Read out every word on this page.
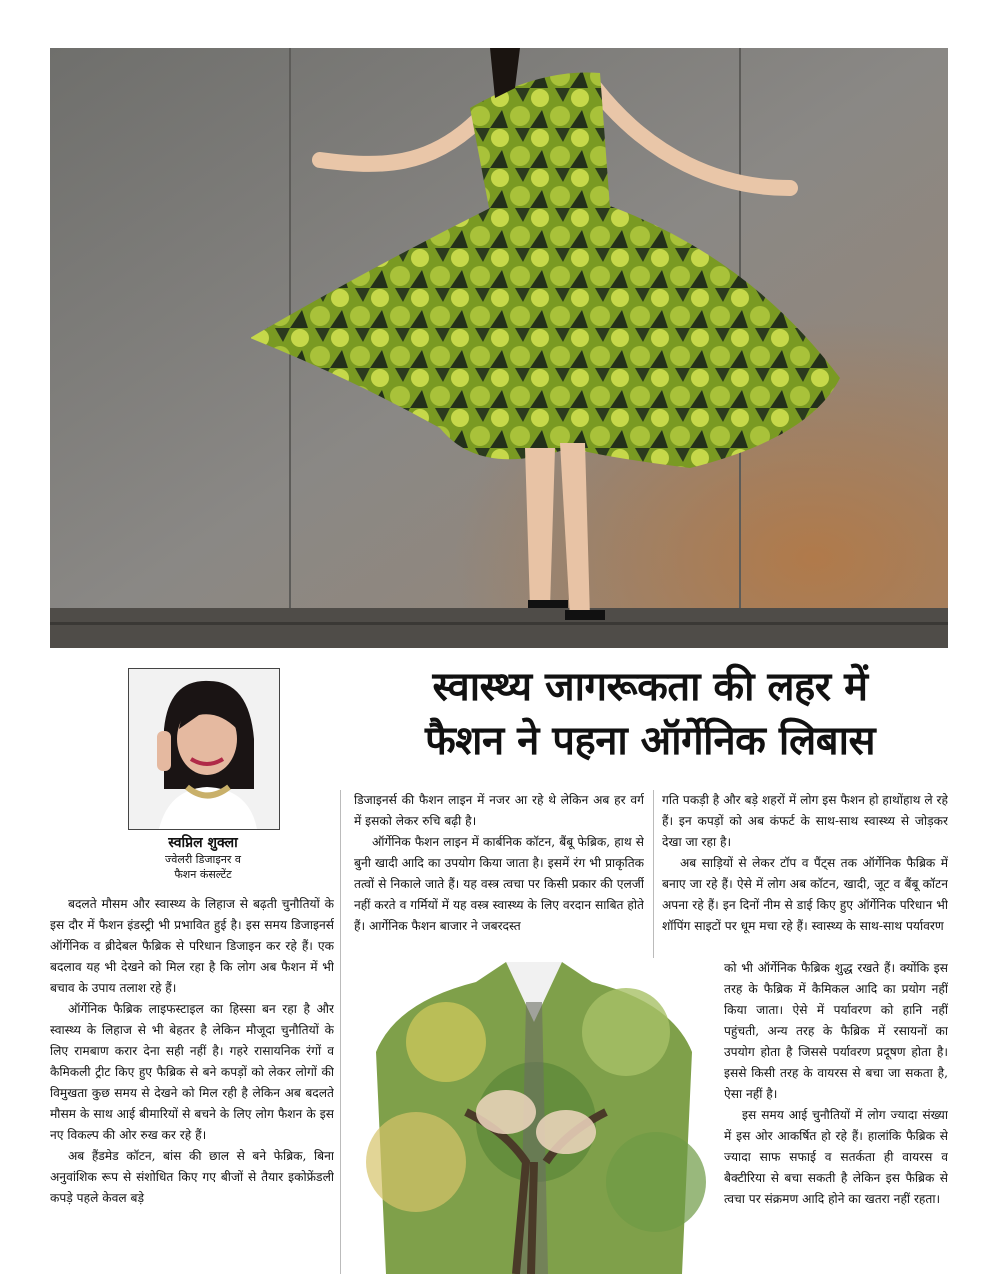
स्वप्निल शुक्ला
ज्वेलरी डिजाइनर व
फैशन कंसल्टेंट
स्वास्थ्य जागरूकता की लहर में
फैशन ने पहना ऑर्गेनिक लिबास

बदलते मौसम और स्वास्थ्य के लिहाज से बढ़ती चुनौतियों के इस दौर में फैशन इंडस्ट्री भी प्रभावित हुई है। इस समय डिजाइनर्स ऑर्गेनिक व ब्रीदेबल फैब्रिक से परिधान डिजाइन कर रहे हैं। एक बदलाव यह भी देखने को मिल रहा है कि लोग अब फैशन में भी बचाव के उपाय तलाश रहे हैं।

ऑर्गेनिक फैब्रिक लाइफस्टाइल का हिस्सा बन रहा है और स्वास्थ्य के लिहाज से भी बेहतर है लेकिन मौजूदा चुनौतियों के लिए रामबाण करार देना सही नहीं है। गहरे रासायनिक रंगों व कैमिकली ट्रीट किए हुए फैब्रिक से बने कपड़ों को लेकर लोगों की विमुखता कुछ समय से देखने को मिल रही है लेकिन अब बदलते मौसम के साथ आई बीमारियों से बचने के लिए लोग फैशन के इस नए विकल्प की ओर रुख कर रहे हैं।

अब हैंडमेड कॉटन, बांस की छाल से बने फेब्रिक, बिना अनुवांशिक रूप से संशोधित किए गए बीजों से तैयार इकोफ्रेंडली कपड़े पहले केवल बड़े

डिजाइनर्स की फैशन लाइन में नजर आ रहे थे लेकिन अब हर वर्ग में इसको लेकर रुचि बढ़ी है।

ऑर्गेनिक फैशन लाइन में कार्बनिक कॉटन, बैंबू फेब्रिक, हाथ से बुनी खादी आदि का उपयोग किया जाता है। इसमें रंग भी प्राकृतिक तत्वों से निकाले जाते हैं। यह वस्त्र त्वचा पर किसी प्रकार की एलर्जी नहीं करते व गर्मियों में यह वस्त्र स्वास्थ्य के लिए वरदान साबित होते हैं। आर्गेनिक फैशन बाजार ने जबरदस्त

गति पकड़ी है और बड़े शहरों में लोग इस फैशन हो हाथोंहाथ ले रहे हैं। इन कपड़ों को अब कंफर्ट के साथ-साथ स्वास्थ्य से जोड़कर देखा जा रहा है।

अब साड़ियों से लेकर टॉप व पैंट्स तक ऑर्गेनिक फैब्रिक में बनाए जा रहे हैं। ऐसे में लोग अब कॉटन, खादी, जूट व बैंबू कॉटन अपना रहे हैं। इन दिनों नीम से डाई किए हुए ऑर्गेनिक परिधान भी शॉपिंग साइटों पर धूम मचा रहे हैं। स्वास्थ्य के साथ-साथ पर्यावरण

को भी ऑर्गेनिक फैब्रिक शुद्ध रखते हैं। क्योंकि इस तरह के फैब्रिक में कैमिकल आदि का प्रयोग नहीं किया जाता। ऐसे में पर्यावरण को हानि नहीं पहुंचती, अन्य तरह के फैब्रिक में रसायनों का उपयोग होता है जिससे पर्यावरण प्रदूषण होता है। इससे किसी तरह के वायरस से बचा जा सकता है, ऐसा नहीं है।

इस समय आई चुनौतियों में लोग ज्यादा संख्या में इस ओर आकर्षित हो रहे हैं। हालांकि फैब्रिक से ज्यादा साफ सफाई व सतर्कता ही वायरस व बैक्टीरिया से बचा सकती है लेकिन इस फैब्रिक से त्वचा पर संक्रमण आदि होने का खतरा नहीं रहता।
